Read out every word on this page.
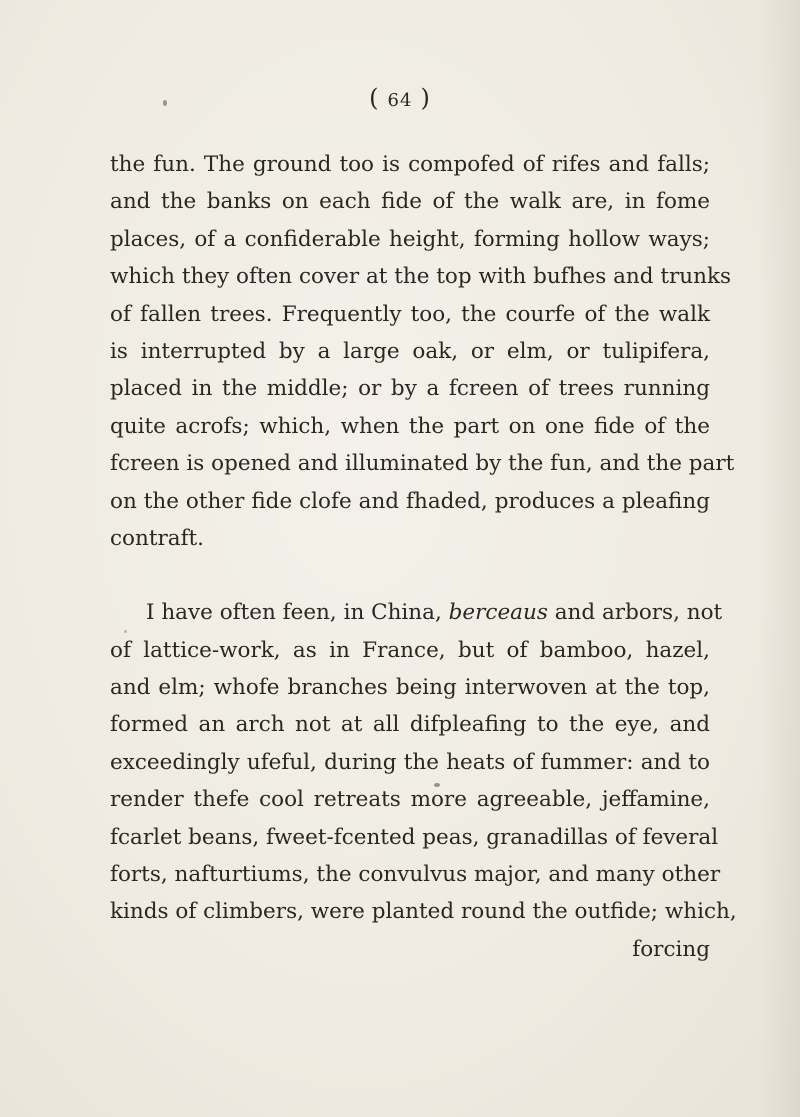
( 64 )
the fun. The ground too is compofed of rifes and falls;
and the banks on each fide of the walk are, in fome
places, of a confiderable height, forming hollow ways;
which they often cover at the top with bufhes and trunks
of fallen trees. Frequently too, the courfe of the walk
is interrupted by a large oak, or elm, or tulipifera,
placed in the middle; or by a fcreen of trees running
quite acrofs; which, when the part on one fide of the
fcreen is opened and illuminated by the fun, and the part
on the other fide clofe and fhaded, produces a pleafing
contraft.
I have often feen, in China, berceaus and arbors, not
of lattice-work, as in France, but of bamboo, hazel,
and elm; whofe branches being interwoven at the top,
formed an arch not at all difpleafing to the eye, and
exceedingly ufeful, during the heats of fummer: and to
render thefe cool retreats more agreeable, jeffamine,
fcarlet beans, fweet-fcented peas, granadillas of feveral
forts, nafturtiums, the convulvus major, and many other
kinds of climbers, were planted round the outfide; which,
forcing
